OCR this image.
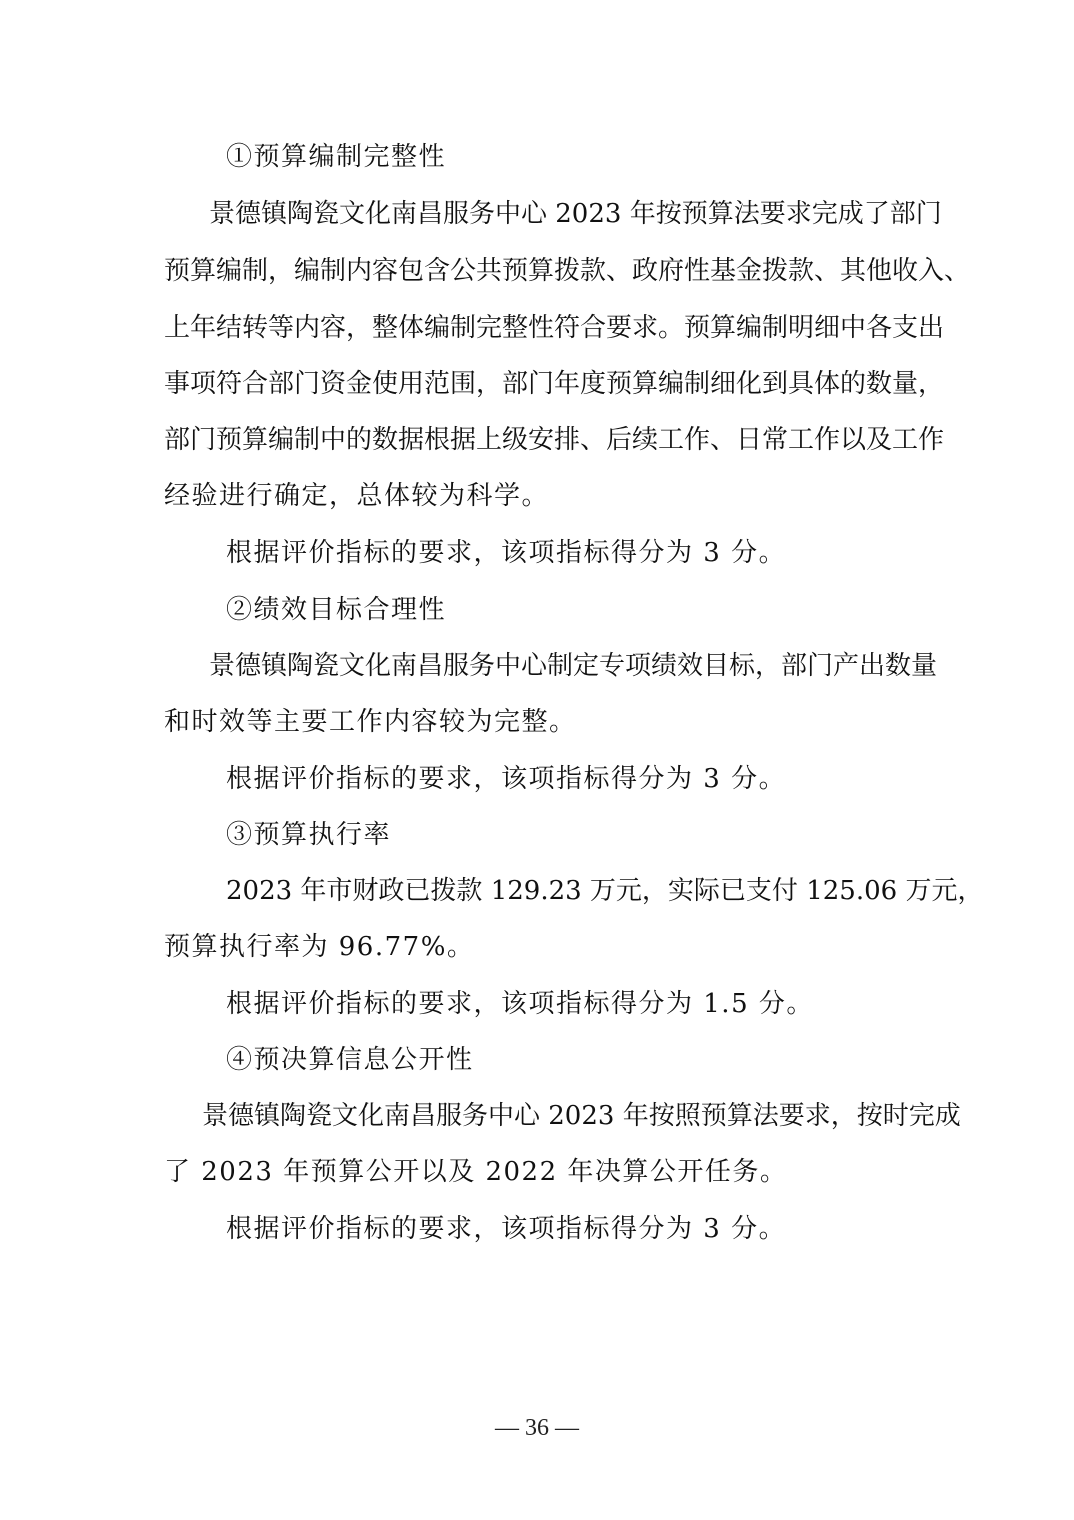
①预算编制完整性
景德镇陶瓷文化南昌服务中心 2023 年按预算法要求完成了部门
预算编制，编制内容包含公共预算拨款、政府性基金拨款、其他收入、
上年结转等内容，整体编制完整性符合要求。预算编制明细中各支出
事项符合部门资金使用范围，部门年度预算编制细化到具体的数量，
部门预算编制中的数据根据上级安排、后续工作、日常工作以及工作
经验进行确定，总体较为科学。
根据评价指标的要求，该项指标得分为 3 分。
②绩效目标合理性
景德镇陶瓷文化南昌服务中心制定专项绩效目标，部门产出数量
和时效等主要工作内容较为完整。
根据评价指标的要求，该项指标得分为 3 分。
③预算执行率
2023 年市财政已拨款 129.23 万元，实际已支付 125.06 万元，
预算执行率为 96.77%。
根据评价指标的要求，该项指标得分为 1.5 分。
④预决算信息公开性
景德镇陶瓷文化南昌服务中心 2023 年按照预算法要求，按时完成
了 2023 年预算公开以及 2022 年决算公开任务。
根据评价指标的要求，该项指标得分为 3 分。
— 36 —
